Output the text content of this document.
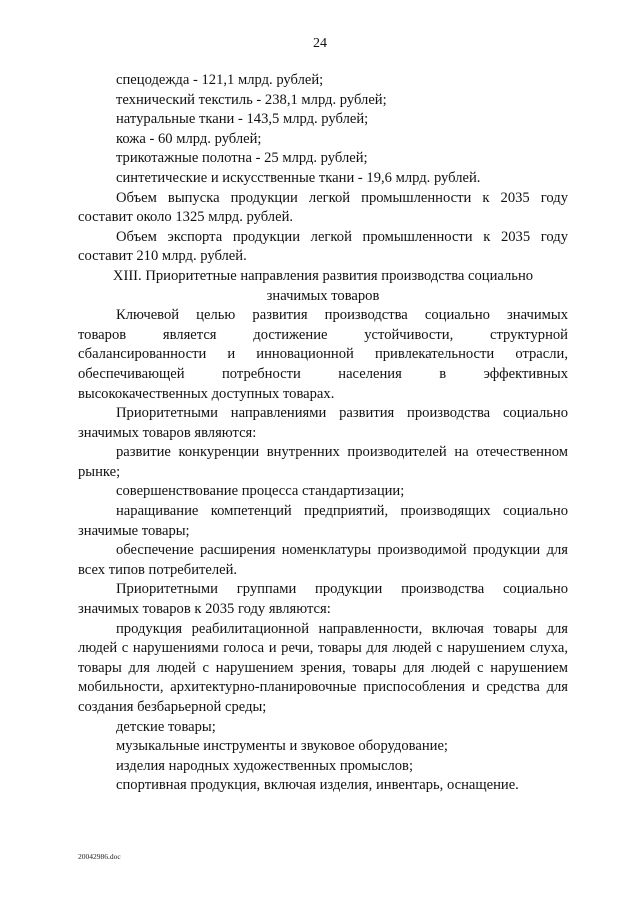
24

спецодежда - 121,1 млрд. рублей;

технический текстиль - 238,1 млрд. рублей;

натуральные ткани - 143,5 млрд. рублей;

кожа - 60 млрд. рублей;

трикотажные полотна - 25 млрд. рублей;

синтетические и искусственные ткани - 19,6 млрд. рублей.

Объем выпуска продукции легкой промышленности к 2035 году
составит около 1325 млрд. рублей.

Объем экспорта продукции легкой промышленности к 2035 году
составит 210 млрд. рублей.

XIII. Приоритетные направления развития производства социально
значимых товаров

Ключевой целью развития производства социально значимых
товаров является достижение устойчивости, структурной
сбалансированности и инновационной привлекательности отрасли,
обеспечивающей потребности населения в эффективных
высококачественных доступных товарах.

Приоритетными направлениями развития производства социально
значимых товаров являются:

развитие конкуренции внутренних производителей на отечественном рынке;

совершенствование процесса стандартизации;

наращивание компетенций предприятий, производящих социально значимые товары;

обеспечение расширения номенклатуры производимой продукции для всех типов потребителей.

Приоритетными группами продукции производства социально
значимых товаров к 2035 году являются:

продукция реабилитационной направленности, включая товары для людей с нарушениями голоса и речи, товары для людей с нарушением слуха, товары для людей с нарушением зрения, товары для людей с нарушением мобильности, архитектурно-планировочные приспособления и средства для создания безбарьерной среды;

детские товары;

музыкальные инструменты и звуковое оборудование;

изделия народных художественных промыслов;

спортивная продукция, включая изделия, инвентарь, оснащение.

20042986.doc
